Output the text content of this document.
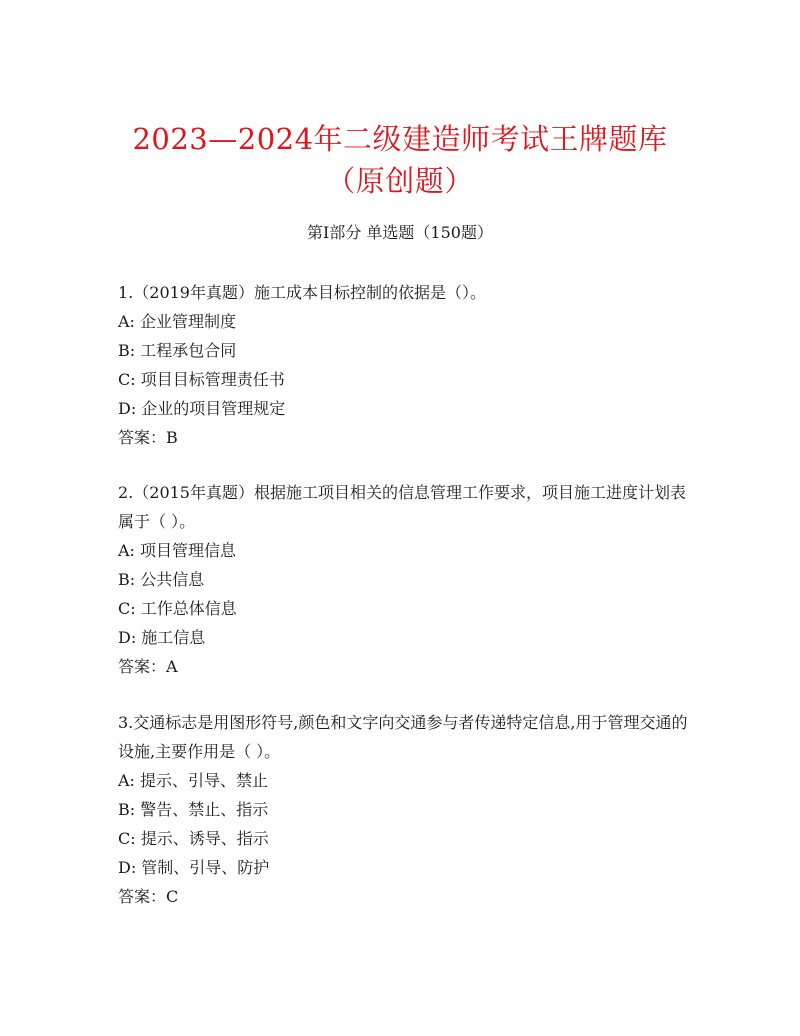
2023—2024年二级建造师考试王牌题库（原创题）
第I部分 单选题（150题）

1.（2019年真题）施工成本目标控制的依据是（）。

A: 企业管理制度

B: 工程承包合同

C: 项目目标管理责任书

D: 企业的项目管理规定

答案：B

2.（2015年真题）根据施工项目相关的信息管理工作要求，项目施工进度计划表属于（ ）。

A: 项目管理信息

B: 公共信息

C: 工作总体信息

D: 施工信息

答案：A

3.交通标志是用图形符号,颜色和文字向交通参与者传递特定信息,用于管理交通的设施,主要作用是（ ）。

A: 提示、引导、禁止

B: 警告、禁止、指示

C: 提示、诱导、指示

D: 管制、引导、防护

答案：C
